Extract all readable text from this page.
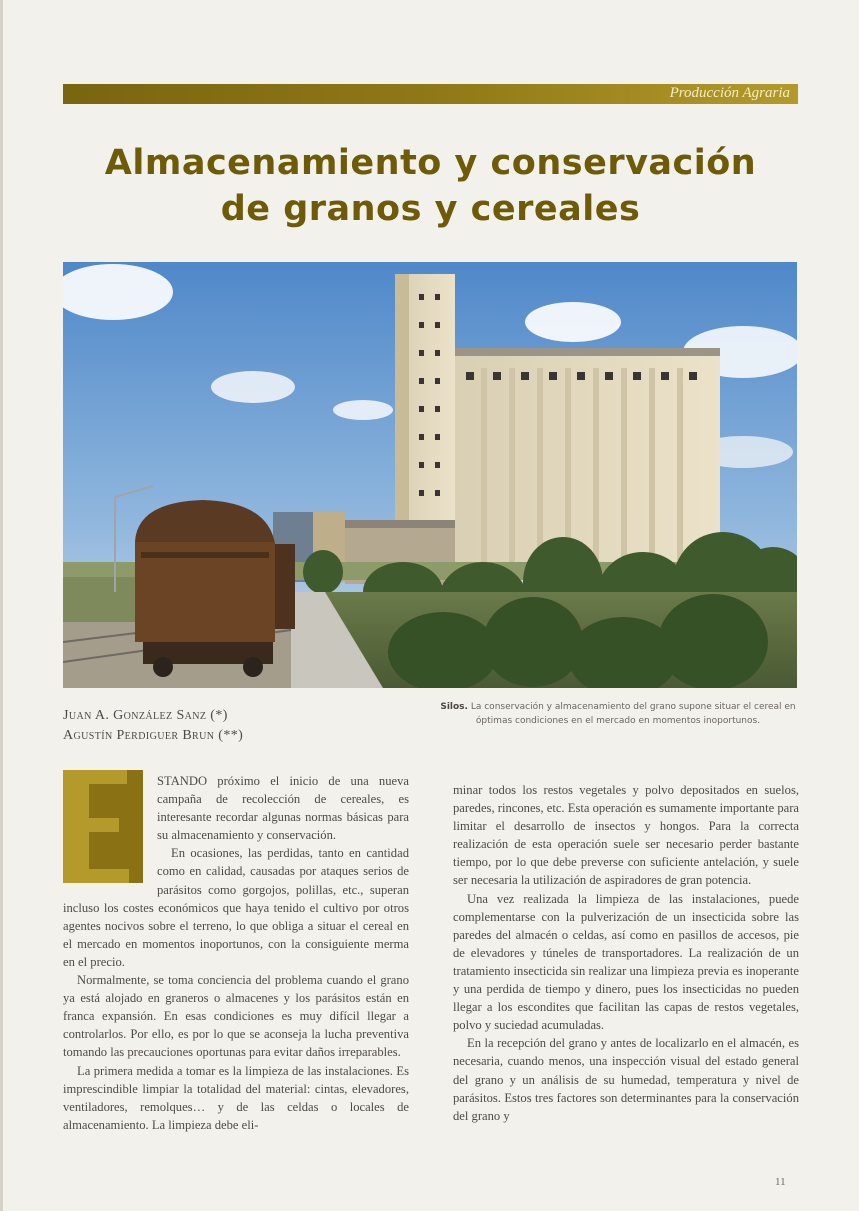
Producción Agraria
Almacenamiento y conservación
de granos y cereales
Juan A. González Sanz (*)
Agustín Perdiguer Brun (**)
Silos. La conservación y almacenamiento del grano supone situar el cereal en óptimas condiciones en el mercado en momentos inoportunos.

STANDO próximo el inicio de una nueva campaña de recolección de cereales, es interesante recordar algunas normas básicas para su almacenamiento y conservación.

En ocasiones, las perdidas, tanto en cantidad como en calidad, causadas por ataques serios de parásitos como gorgojos, polillas, etc., superan incluso los costes económicos que haya tenido el cultivo por otros agentes nocivos sobre el terreno, lo que obliga a situar el cereal en el mercado en momentos inoportunos, con la consiguiente merma en el precio.

Normalmente, se toma conciencia del problema cuando el grano ya está alojado en graneros o almacenes y los parásitos están en franca expansión. En esas condiciones es muy difícil llegar a controlarlos. Por ello, es por lo que se aconseja la lucha preventiva tomando las precauciones oportunas para evitar daños irreparables.

La primera medida a tomar es la limpieza de las instalaciones. Es imprescindible limpiar la totalidad del material: cintas, elevadores, ventiladores, remolques… y de las celdas o locales de almacenamiento. La limpieza debe eli-

minar todos los restos vegetales y polvo depositados en suelos, paredes, rincones, etc. Esta operación es sumamente importante para limitar el desarrollo de insectos y hongos. Para la correcta realización de esta operación suele ser necesario perder bastante tiempo, por lo que debe preverse con suficiente antelación, y suele ser necesaria la utilización de aspiradores de gran potencia.

Una vez realizada la limpieza de las instalaciones, puede complementarse con la pulverización de un insecticida sobre las paredes del almacén o celdas, así como en pasillos de accesos, pie de elevadores y túneles de transportadores. La realización de un tratamiento insecticida sin realizar una limpieza previa es inoperante y una perdida de tiempo y dinero, pues los insecticidas no pueden llegar a los escondites que facilitan las capas de restos vegetales, polvo y suciedad acumuladas.

En la recepción del grano y antes de localizarlo en el almacén, es necesaria, cuando menos, una inspección visual del estado general del grano y un análisis de su humedad, temperatura y nivel de parásitos. Estos tres factores son determinantes para la conservación del grano y

11
